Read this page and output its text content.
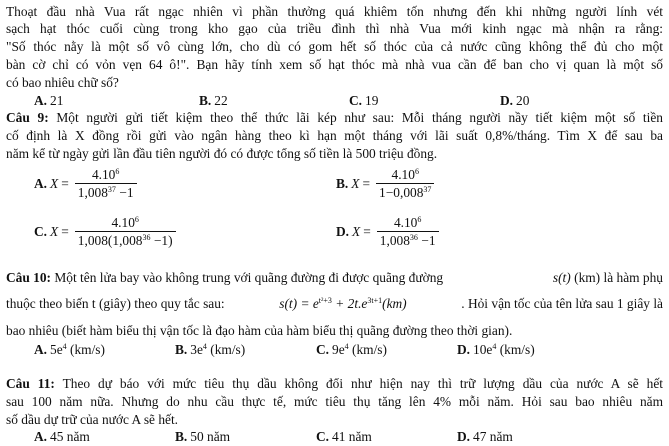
Thoạt đầu nhà Vua rất ngạc nhiên vì phần thưởng quá khiêm tốn nhưng đến khi những người lính vét
sạch hạt thóc cuối cùng trong kho gạo của triều đình thì nhà Vua mới kinh ngạc mà nhận ra rằng:
"Số thóc nằy là một số vô cùng lớn, cho dù có gom hết số thóc của cả nước cũng không thể đủ cho một
bàn cờ chỉ có vỏn vẹn 64 ô!". Bạn hãy tính xem số hạt thóc mà nhà vua cần để ban cho vị quan là một số
có bao nhiêu chữ số?
A. 21	B. 22	C. 19	D. 20
Câu 9: Một người gửi tiết kiệm theo thể thức lãi kép như sau: Mỗi tháng người nầy tiết kiệm một số tiền
cố định là X đồng rồi gửi vào ngân hàng theo kì hạn một tháng với lãi suất 0,8%/tháng. Tìm X để sau ba
năm kể từ ngày gửi lần đầu tiên người đó có được tổng số tiền là 500 triệu đồng.
A. $X = \frac{4.10^6}{1,008^{37} -1}$	B. $X = \frac{4.10^6}{1-0,008^{37}}$
C. $X = \frac{4.10^6}{1,008(1,008^{36} -1)}$	D. $X = \frac{4.10^6}{1,008^{36} -1}$
Câu 10: Một tên lửa bay vào không trung với quãng đường đi được quãng đường	s(t) (km) là hàm phụ
thuộc theo biến t (giây) theo quy tắc sau:	$s(t) = e^{t^2+3} + 2t.e^{3t+1}(km)$	. Hỏi vận tốc của tên lửa sau 1 giây là
bao nhiêu (biết hàm biểu thị vận tốc là đạo hàm của hàm biểu thị quãng đường theo thời gian).
A. $5e^4$ (km/s)	B. $3e^4$ (km/s)	C. $9e^4$ (km/s)	D. $10e^4$ (km/s)
Câu 11: Theo dự báo với mức tiêu thụ dầu không đổi như hiện nay thì trữ lượng dầu của nước A sẽ hết
sau 100 năm nữa. Nhưng do nhu cầu thực tế, mức tiêu thụ tăng lên 4% mỗi năm. Hỏi sau bao nhiêu năm
số dầu dự trữ của nước A sẽ hết.
A. 45 năm	B. 50 năm	C. 41 năm	D. 47 năm
